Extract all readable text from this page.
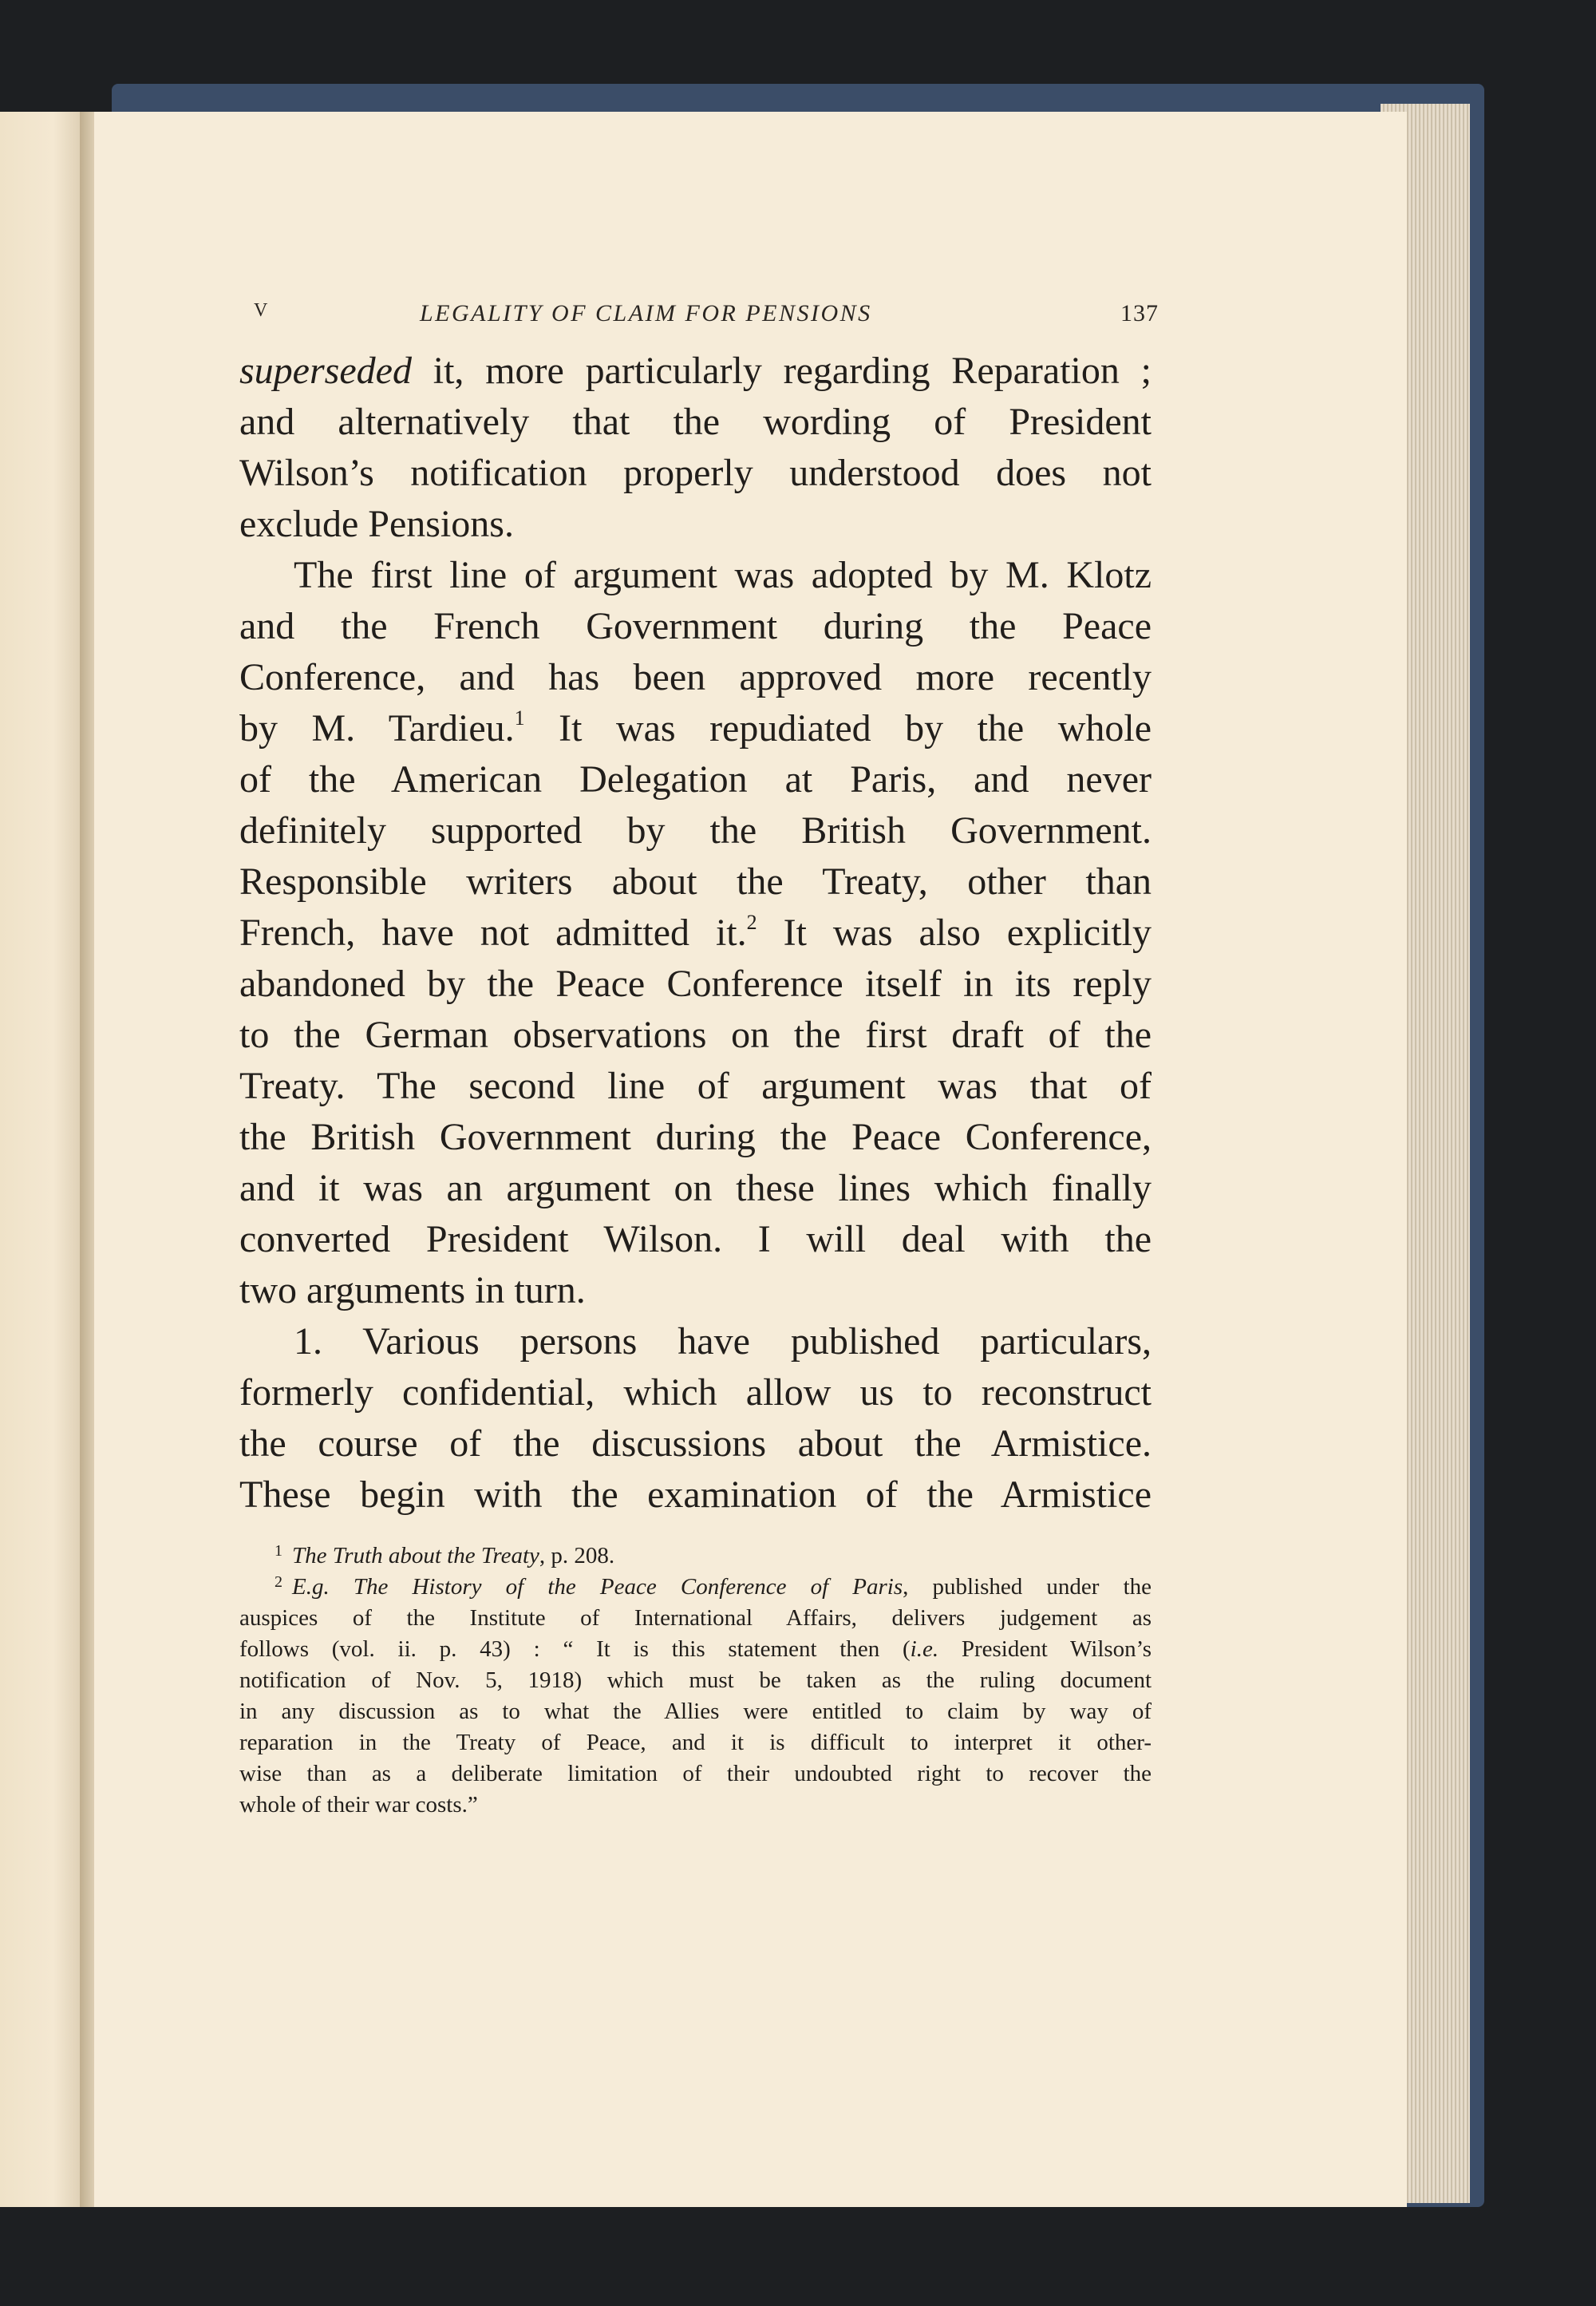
V	LEGALITY OF CLAIM FOR PENSIONS	137

superseded it, more particularly regarding Reparation ;
and alternatively that the wording of President
Wilson’s notification properly understood does not
exclude Pensions.

The first line of argument was adopted by M. Klotz
and the French Government during the Peace
Conference, and has been approved more recently
by M. Tardieu.$^1$ It was repudiated by the whole
of the American Delegation at Paris, and never
definitely supported by the British Government.
Responsible writers about the Treaty, other than
French, have not admitted it.$^2$ It was also explicitly
abandoned by the Peace Conference itself in its reply
to the German observations on the first draft of the
Treaty. The second line of argument was that of
the British Government during the Peace Conference,
and it was an argument on these lines which finally
converted President Wilson. I will deal with the
two arguments in turn.

1. Various persons have published particulars,
formerly confidential, which allow us to reconstruct
the course of the discussions about the Armistice.
These begin with the examination of the Armistice

$^1$ The Truth about the Treaty, p. 208.
$^2$ E.g. The History of the Peace Conference of Paris, published under the
auspices of the Institute of International Affairs, delivers judgement as
follows (vol. ii. p. 43) : “ It is this statement then (i.e. President Wilson’s
notification of Nov. 5, 1918) which must be taken as the ruling document
in any discussion as to what the Allies were entitled to claim by way of
reparation in the Treaty of Peace, and it is difficult to interpret it other-
wise than as a deliberate limitation of their undoubted right to recover the
whole of their war costs.”
